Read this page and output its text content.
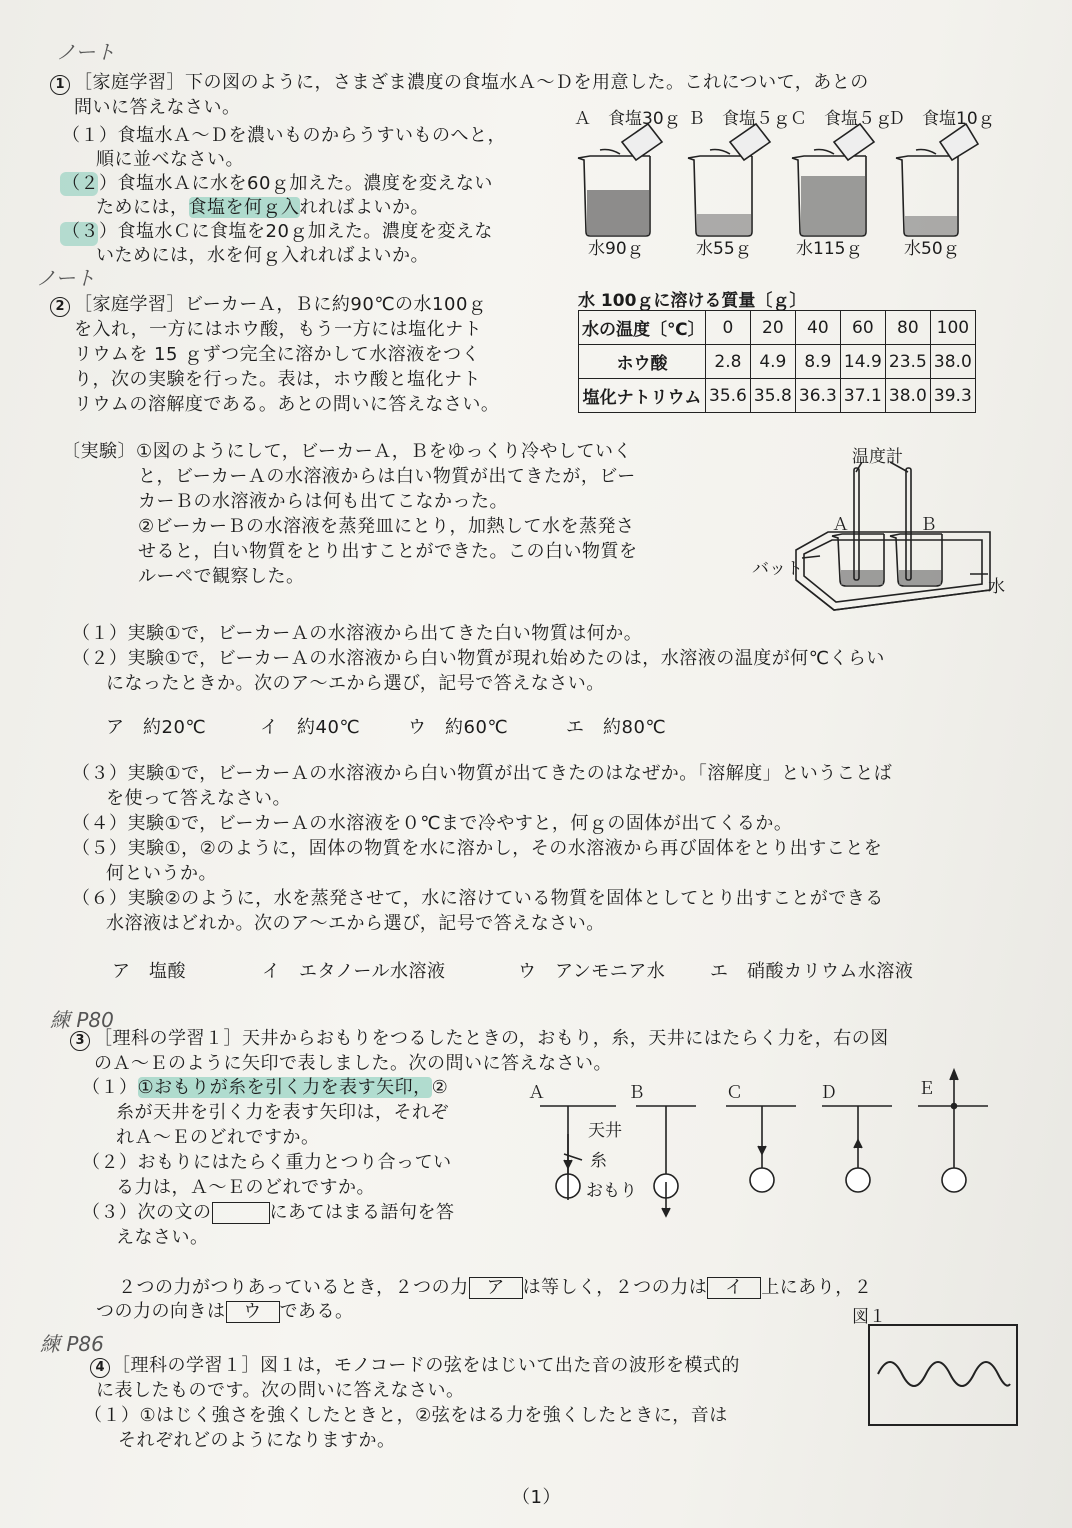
ノート
ノート
練 P80
練 P86
1 ［家庭学習］下の図のように，さまざま濃度の食塩水Ａ～Ｄを用意した。これについて，あとの
問いに答えなさい。
（１）食塩水Ａ～Ｄを濃いものからうすいものへと，
順に並べなさい。
（２）食塩水Ａに水を60ｇ加えた。濃度を変えない
ためには，食塩を何ｇ入れればよいか。
（３）食塩水Ｃに食塩を20ｇ加えた。濃度を変えな
いためには，水を何ｇ入れればよいか。
Ａ　食塩30ｇ Ｂ　食塩５ｇ Ｃ　食塩５ｇ
Ｄ　食塩10ｇ
水90ｇ	水55ｇ	水115ｇ 水50ｇ
2 ［家庭学習］ビーカーＡ，Ｂに約90℃の水100ｇ
を入れ，一方にはホウ酸，もう一方には塩化ナト
リウムを 15 ｇずつ完全に溶かして水溶液をつく
り，次の実験を行った。表は，ホウ酸と塩化ナト
リウムの溶解度である。あとの問いに答えなさい。
水 100ｇに溶ける質量〔ｇ〕
水の温度〔℃〕	0	20	40	60	80	100
ホウ酸	2.8	4.9	8.9	14.9	23.5	38.0
塩化ナトリウム	35.6	35.8	36.3	37.1	38.0	39.3
〔実験〕①図のようにして，ビーカーＡ，Ｂをゆっくり冷やしていく
と，ビーカーＡの水溶液からは白い物質が出てきたが，ビー
カーＢの水溶液からは何も出てこなかった。
②ビーカーＢの水溶液を蒸発皿にとり，加熱して水を蒸発さ
せると，白い物質をとり出すことができた。この白い物質を
ルーペで観察した。
温度計
Ａ	Ｂ
バット
水
（１）実験①で，ビーカーＡの水溶液から出てきた白い物質は何か。
（２）実験①で，ビーカーＡの水溶液から白い物質が現れ始めたのは，水溶液の温度が何℃くらい
になったときか。次のア～エから選び，記号で答えなさい。
ア　約20℃	イ　約40℃	ウ　約60℃	エ　約80℃
（３）実験①で，ビーカーＡの水溶液から白い物質が出てきたのはなぜか。「溶解度」ということば
を使って答えなさい。
（４）実験①で，ビーカーＡの水溶液を０℃まで冷やすと，何ｇの固体が出てくるか。
（５）実験①，②のように，固体の物質を水に溶かし，その水溶液から再び固体をとり出すことを
何というか。
（６）実験②のように，水を蒸発させて，水に溶けている物質を固体としてとり出すことができる
水溶液はどれか。次のア～エから選び，記号で答えなさい。
ア　塩酸	イ　エタノール水溶液	ウ　アンモニア水 エ　硝酸カリウム水溶液
3 ［理科の学習１］天井からおもりをつるしたときの，おもり，糸，天井にはたらく力を，右の図
のＡ～Ｅのように矢印で表しました。次の問いに答えなさい。
（１）①おもりが糸を引く力を表す矢印，②
糸が天井を引く力を表す矢印は，それぞ
れＡ～Ｅのどれですか。
（２）おもりにはたらく重力とつり合ってい
る力は，Ａ～Ｅのどれですか。
（３）次の文の	にあてはまる語句を答
えなさい。
２つの力がつりあっているとき，２つの力 ア は等しく，２つの力は イ 上にあり，２
つの力の向きは ウ である。
Ａ	Ｂ	Ｃ	Ｄ	Ｅ
天井
糸
おもり
図１
4 ［理科の学習１］図１は，モノコードの弦をはじいて出た音の波形を模式的
に表したものです。次の問いに答えなさい。
（１）①はじく強さを強くしたときと，②弦をはる力を強くしたときに，音は
それぞれどのようになりますか。
（1）
